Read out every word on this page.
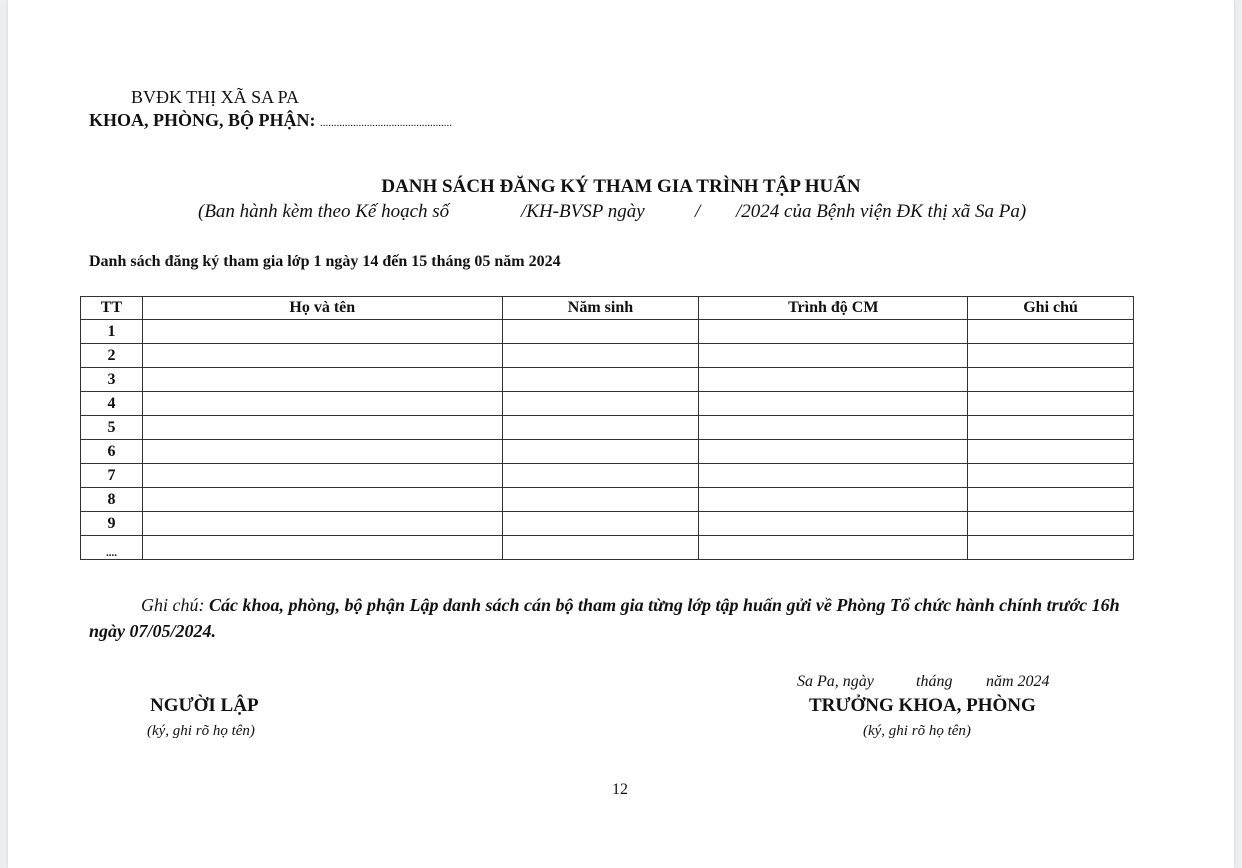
BVĐK THỊ XÃ SA PA
KHOA, PHÒNG, BỘ PHẬN: ................................................
DANH SÁCH ĐĂNG KÝ THAM GIA TRÌNH TẬP HUẤN
(Ban hành kèm theo Kế hoạch số	/KH-BVSP ngày	/ /2024 của Bệnh viện ĐK thị xã Sa Pa)
Danh sách đăng ký tham gia lớp 1 ngày 14 đến 15 tháng 05 năm 2024
TT	Họ và tên	Năm sinh	Trình độ CM	Ghi chú
1				
2				
3				
4				
5				
6				
7				
8				
9				
....				
Ghi chú: Các khoa, phòng, bộ phận Lập danh sách cán bộ tham gia từng lớp tập huấn gửi về Phòng Tổ chức hành chính trước 16h ngày 07/05/2024.
Sa Pa, ngày	tháng năm 2024
NGƯỜI LẬP	TRƯỞNG KHOA, PHÒNG
(ký, ghi rõ họ tên)	(ký, ghi rõ họ tên)
12
